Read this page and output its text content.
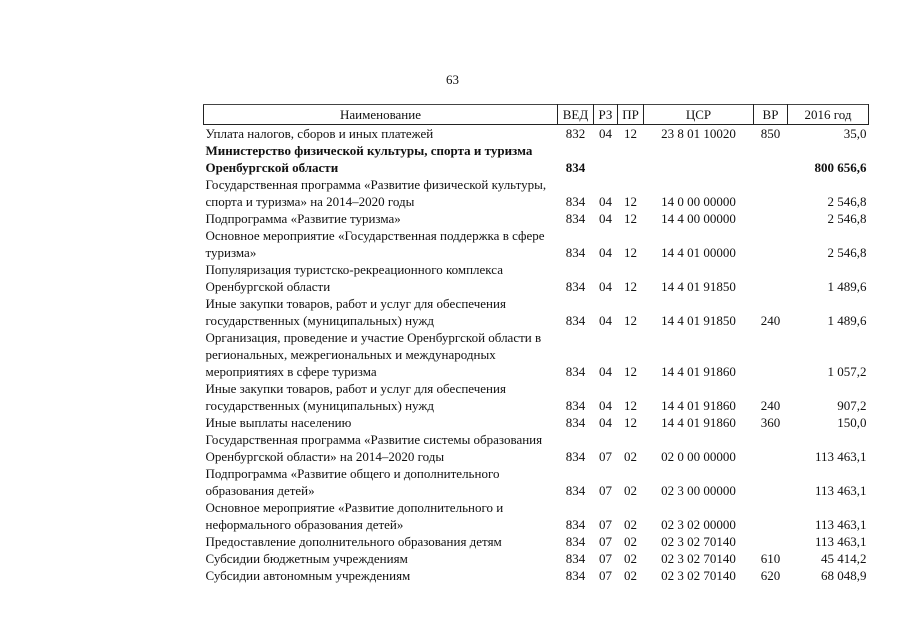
63
Наименование	ВЕД	РЗ	ПР	ЦСР	ВР	2016 год
Уплата налогов, сборов и иных платежей	832	04	12	23 8 01 10020	850	35,0
Министерство физической культуры, спорта и туризма
Оренбургской области	834					800 656,6
Государственная программа «Развитие физической культуры,
спорта и туризма» на 2014–2020 годы	834	04	12	14 0 00 00000		2 546,8
Подпрограмма «Развитие туризма»	834	04	12	14 4 00 00000		2 546,8
Основное мероприятие «Государственная поддержка в сфере
туризма»	834	04	12	14 4 01 00000		2 546,8
Популяризация туристско-рекреационного комплекса
Оренбургской области	834	04	12	14 4 01 91850		1 489,6
Иные закупки товаров, работ и услуг для обеспечения
государственных (муниципальных) нужд	834	04	12	14 4 01 91850	240	1 489,6
Организация, проведение и участие Оренбургской области в
региональных, межрегиональных и международных
мероприятиях в сфере туризма	834	04	12	14 4 01 91860		1 057,2
Иные закупки товаров, работ и услуг для обеспечения
государственных (муниципальных) нужд	834	04	12	14 4 01 91860	240	907,2
Иные выплаты населению	834	04	12	14 4 01 91860	360	150,0
Государственная программа «Развитие системы образования
Оренбургской области» на 2014–2020 годы	834	07	02	02 0 00 00000		113 463,1
Подпрограмма «Развитие общего и дополнительного
образования детей»	834	07	02	02 3 00 00000		113 463,1
Основное мероприятие «Развитие дополнительного и
неформального образования детей»	834	07	02	02 3 02 00000		113 463,1
Предоставление дополнительного образования детям	834	07	02	02 3 02 70140		113 463,1
Субсидии бюджетным учреждениям	834	07	02	02 3 02 70140	610	45 414,2
Субсидии автономным учреждениям	834	07	02	02 3 02 70140	620	68 048,9
